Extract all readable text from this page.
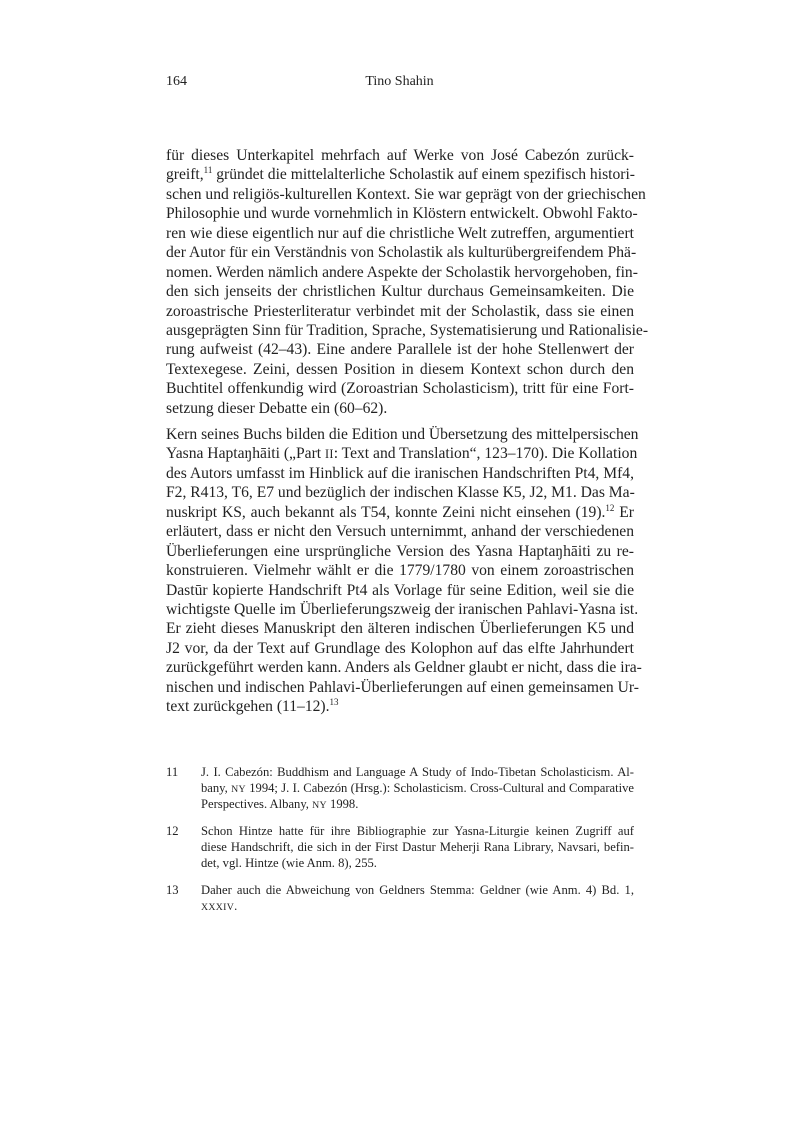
164	Tino Shahin
für dieses Unterkapitel mehrfach auf Werke von José Cabezón zurück-
greift,$^{11}$ gründet die mittelalterliche Scholastik auf einem spezifisch histori-
schen und religiös-kulturellen Kontext. Sie war geprägt von der griechischen
Philosophie und wurde vornehmlich in Klöstern entwickelt. Obwohl Fakto-
ren wie diese eigentlich nur auf die christliche Welt zutreffen, argumentiert
der Autor für ein Verständnis von Scholastik als kulturübergreifendem Phä-
nomen. Werden nämlich andere Aspekte der Scholastik hervorgehoben, fin-
den sich jenseits der christlichen Kultur durchaus Gemeinsamkeiten. Die
zoroastrische Priesterliteratur verbindet mit der Scholastik, dass sie einen
ausgeprägten Sinn für Tradition, Sprache, Systematisierung und Rationalisie-
rung aufweist (42–43). Eine andere Parallele ist der hohe Stellenwert der
Textexegese. Zeini, dessen Position in diesem Kontext schon durch den
Buchtitel offenkundig wird (Zoroastrian Scholasticism), tritt für eine Fort-
setzung dieser Debatte ein (60–62).
Kern seines Buchs bilden die Edition und Übersetzung des mittelpersischen
Yasna Haptaŋhāiti („Part II: Text and Translation“, 123–170). Die Kollation
des Autors umfasst im Hinblick auf die iranischen Handschriften Pt4, Mf4,
F2, R413, T6, E7 und bezüglich der indischen Klasse K5, J2, M1. Das Ma-
nuskript KS, auch bekannt als T54, konnte Zeini nicht einsehen (19).$^{12}$ Er
erläutert, dass er nicht den Versuch unternimmt, anhand der verschiedenen
Überlieferungen eine ursprüngliche Version des Yasna Haptaŋhāiti zu re-
konstruieren. Vielmehr wählt er die 1779/1780 von einem zoroastrischen
Dastūr kopierte Handschrift Pt4 als Vorlage für seine Edition, weil sie die
wichtigste Quelle im Überlieferungszweig der iranischen Pahlavi-Yasna ist.
Er zieht dieses Manuskript den älteren indischen Überlieferungen K5 und
J2 vor, da der Text auf Grundlage des Kolophon auf das elfte Jahrhundert
zurückgeführt werden kann. Anders als Geldner glaubt er nicht, dass die ira-
nischen und indischen Pahlavi-Überlieferungen auf einen gemeinsamen Ur-
text zurückgehen (11–12).$^{13}$
11 J. I. Cabezón: Buddhism and Language A Study of Indo-Tibetan Scholasticism. Al-
bany, NY 1994; J. I. Cabezón (Hrsg.): Scholasticism. Cross-Cultural and Comparative
Perspectives. Albany, NY 1998.
12 Schon Hintze hatte für ihre Bibliographie zur Yasna-Liturgie keinen Zugriff auf
diese Handschrift, die sich in der First Dastur Meherji Rana Library, Navsari, befin-
det, vgl. Hintze (wie Anm. 8), 255.
13 Daher auch die Abweichung von Geldners Stemma: Geldner (wie Anm. 4) Bd. 1,
XXXIV.
